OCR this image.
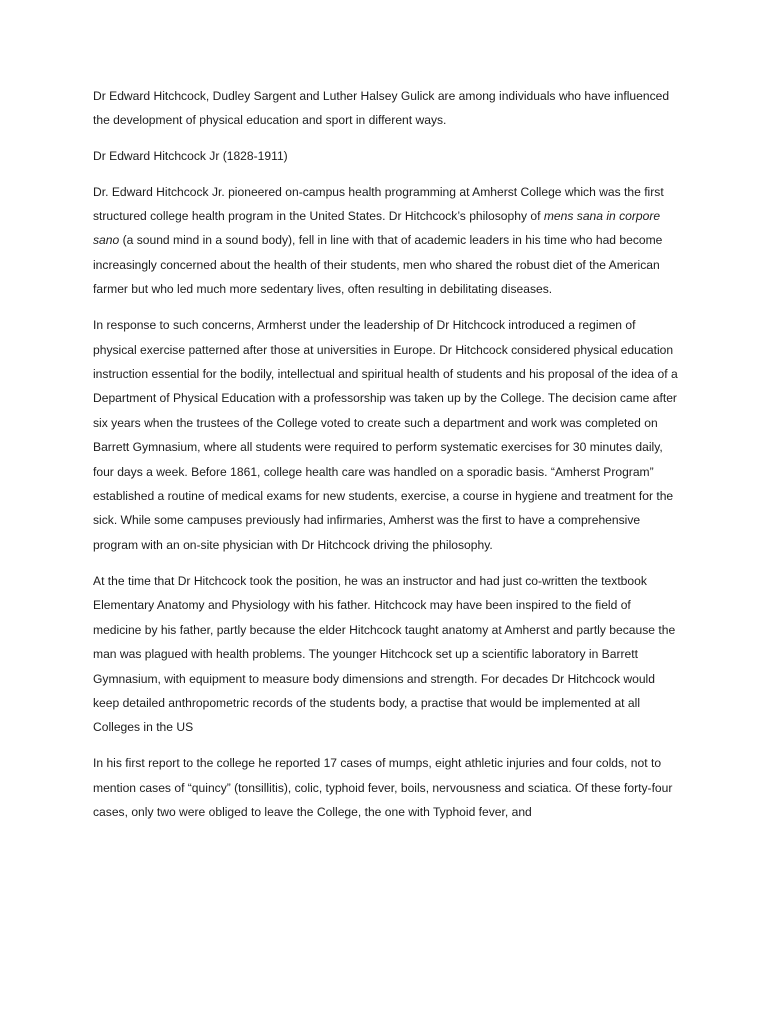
Dr Edward Hitchcock, Dudley Sargent and Luther Halsey Gulick are among individuals who have influenced the development of physical education and sport in different ways.

Dr Edward Hitchcock Jr (1828-1911)

Dr. Edward Hitchcock Jr. pioneered on-campus health programming at Amherst College which was the first structured college health program in the United States. Dr Hitchcock’s philosophy of mens sana in corpore sano (a sound mind in a sound body), fell in line with that of academic leaders in his time who had become increasingly concerned about the health of their students, men who shared the robust diet of the American farmer but who led much more sedentary lives, often resulting in debilitating diseases.

In response to such concerns, Armherst under the leadership of Dr Hitchcock introduced a regimen of physical exercise patterned after those at universities in Europe. Dr Hitchcock considered physical education instruction essential for the bodily, intellectual and spiritual health of students and his proposal of the idea of a Department of Physical Education with a professorship was taken up by the College. The decision came after six years when the trustees of the College voted to create such a department and work was completed on Barrett Gymnasium, where all students were required to perform systematic exercises for 30 minutes daily, four days a week. Before 1861, college health care was handled on a sporadic basis. “Amherst Program” established a routine of medical exams for new students, exercise, a course in hygiene and treatment for the sick. While some campuses previously had infirmaries, Amherst was the first to have a comprehensive program with an on-site physician with Dr Hitchcock driving the philosophy.

At the time that Dr Hitchcock took the position, he was an instructor and had just co-written the textbook Elementary Anatomy and Physiology with his father. Hitchcock may have been inspired to the field of medicine by his father, partly because the elder Hitchcock taught anatomy at Amherst and partly because the man was plagued with health problems. The younger Hitchcock set up a scientific laboratory in Barrett Gymnasium, with equipment to measure body dimensions and strength. For decades Dr Hitchcock would keep detailed anthropometric records of the students body, a practise that would be implemented at all Colleges in the US

In his first report to the college he reported 17 cases of mumps, eight athletic injuries and four colds, not to mention cases of “quincy” (tonsillitis), colic, typhoid fever, boils, nervousness and sciatica. Of these forty-four cases, only two were obliged to leave the College, the one with Typhoid fever, and
